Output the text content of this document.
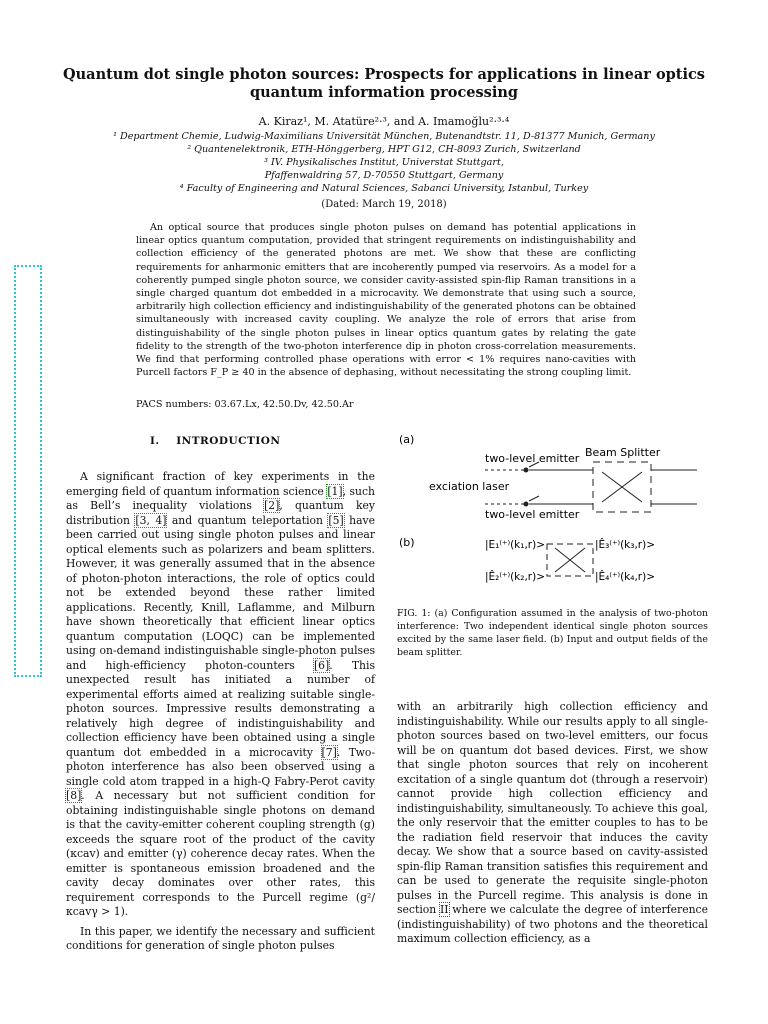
Quantum dot single photon sources: Prospects for applications in linear optics quantum information processing
A. Kiraz¹, M. Atatüre²·³, and A. Imamoğlu²·³·⁴
¹ Department Chemie, Ludwig-Maximilians Universität München, Butenandtstr. 11, D-81377 Munich, Germany
² Quantenelektronik, ETH-Hönggerberg, HPT G12, CH-8093 Zurich, Switzerland
³ IV. Physikalisches Institut, Universtat Stuttgart,
Pfaffenwaldring 57, D-70550 Stuttgart, Germany
⁴ Faculty of Engineering and Natural Sciences, Sabanci University, Istanbul, Turkey
(Dated: March 19, 2018)

An optical source that produces single photon pulses on demand has potential applications in linear optics quantum computation, provided that stringent requirements on indistinguishability and collection efficiency of the generated photons are met. We show that these are conflicting requirements for anharmonic emitters that are incoherently pumped via reservoirs. As a model for a coherently pumped single photon source, we consider cavity-assisted spin-flip Raman transitions in a single charged quantum dot embedded in a microcavity. We demonstrate that using such a source, arbitrarily high collection efficiency and indistinguishability of the generated photons can be obtained simultaneously with increased cavity coupling. We analyze the role of errors that arise from distinguishability of the single photon pulses in linear optics quantum gates by relating the gate fidelity to the strength of the two-photon interference dip in photon cross-correlation measurements. We find that performing controlled phase operations with error < 1% requires nano-cavities with Purcell factors F_P ≥ 40 in the absence of dephasing, without necessitating the strong coupling limit.

PACS numbers: 03.67.Lx, 42.50.Dv, 42.50.Ar
I. INTRODUCTION

A significant fraction of key experiments in the emerging field of quantum information science [1], such as Bell’s inequality violations [2], quantum key distribution [3, 4] and quantum teleportation [5] have been carried out using single photon pulses and linear optical elements such as polarizers and beam splitters. However, it was generally assumed that in the absence of photon-photon interactions, the role of optics could not be extended beyond these rather limited applications. Recently, Knill, Laflamme, and Milburn have shown theoretically that efficient linear optics quantum computation (LOQC) can be implemented using on-demand indistinguishable single-photon pulses and high-efficiency photon-counters [6]. This unexpected result has initiated a number of experimental efforts aimed at realizing suitable single-photon sources. Impressive results demonstrating a relatively high degree of indistinguishability and collection efficiency have been obtained using a single quantum dot embedded in a microcavity [7]. Two-photon interference has also been observed using a single cold atom trapped in a high-Q Fabry-Perot cavity [8]. A necessary but not sufficient condition for obtaining indistinguishable single photons on demand is that the cavity-emitter coherent coupling strength (g) exceeds the square root of the product of the cavity (κcav) and emitter (γ) coherence decay rates. When the emitter is spontaneous emission broadened and the cavity decay dominates over other rates, this requirement corresponds to the Purcell regime (g²/κcavγ > 1).

In this paper, we identify the necessary and sufficient conditions for generation of single photon pulses

(a)
two-level emitter Beam Splitter
exciation laser
two-level emitter
(b)	|E₁⁽⁺⁾(k₁,r)>
|Ê₂⁽⁺⁾(k₂,r)>
|Ê₃⁽⁺⁾(k₃,r)>
|Ê₄⁽⁺⁾(k₄,r)>

FIG. 1: (a) Configuration assumed in the analysis of two-photon interference: Two independent identical single photon sources excited by the same laser field. (b) Input and output fields of the beam splitter.

with an arbitrarily high collection efficiency and indistinguishability. While our results apply to all single-photon sources based on two-level emitters, our focus will be on quantum dot based devices. First, we show that single photon sources that rely on incoherent excitation of a single quantum dot (through a reservoir) cannot provide high collection efficiency and indistinguishability, simultaneously. To achieve this goal, the only reservoir that the emitter couples to has to be the radiation field reservoir that induces the cavity decay. We show that a source based on cavity-assisted spin-flip Raman transition satisfies this requirement and can be used to generate the requisite single-photon pulses in the Purcell regime. This analysis is done in section II where we calculate the degree of interference (indistinguishability) of two photons and the theoretical maximum collection efficiency, as a
